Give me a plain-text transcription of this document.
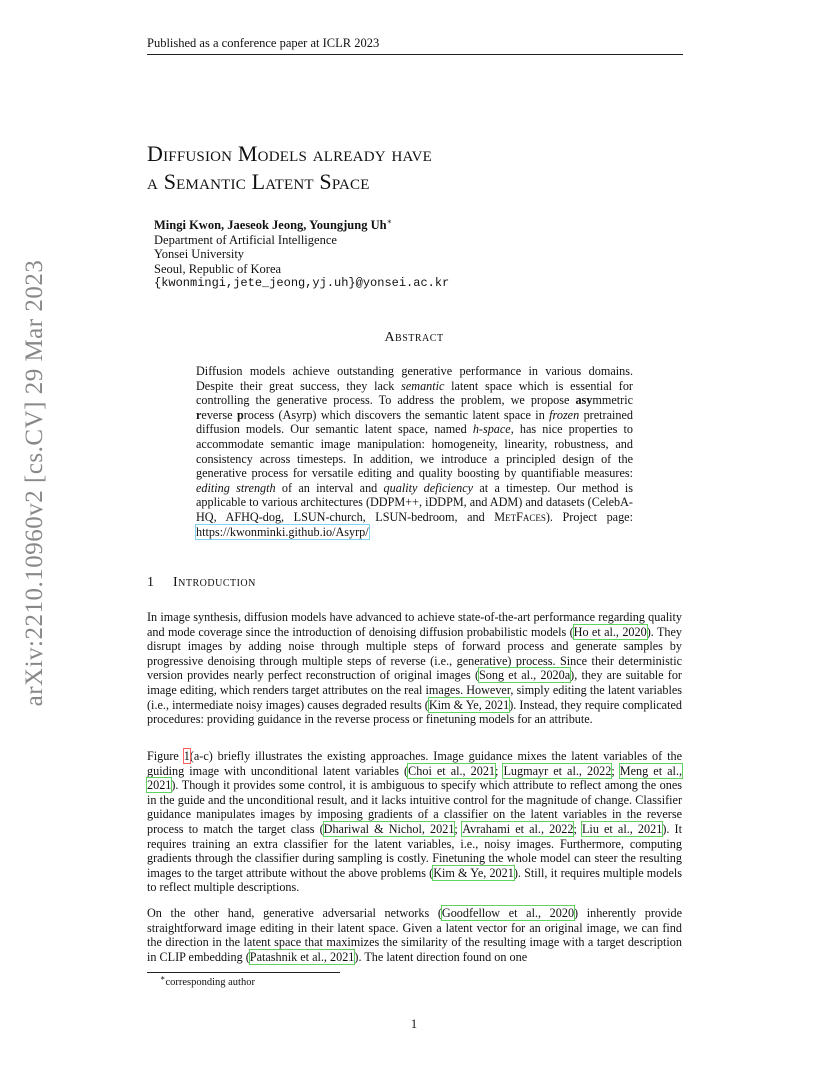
Published as a conference paper at ICLR 2023
arXiv:2210.10960v2 [cs.CV] 29 Mar 2023
Diffusion Models already have
a Semantic Latent Space
Mingi Kwon, Jaeseok Jeong, Youngjung Uh∗
Department of Artificial Intelligence
Yonsei University
Seoul, Republic of Korea
{kwonmingi,jete_jeong,yj.uh}@yonsei.ac.kr
Abstract
Diffusion models achieve outstanding generative performance in various domains. Despite their great success, they lack semantic latent space which is essential for controlling the generative process. To address the problem, we propose asymmetric reverse process (Asyrp) which discovers the semantic latent space in frozen pretrained diffusion models. Our semantic latent space, named h-space, has nice properties to accommodate semantic image manipulation: homogeneity, linearity, robustness, and consistency across timesteps. In addition, we introduce a principled design of the generative process for versatile editing and quality boosting by quantifiable measures: editing strength of an interval and quality deficiency at a timestep. Our method is applicable to various architectures (DDPM++, iDDPM, and ADM) and datasets (CelebA-HQ, AFHQ-dog, LSUN-church, LSUN-bedroom, and MetFaces). Project page: https://kwonminki.github.io/Asyrp/
1 Introduction
In image synthesis, diffusion models have advanced to achieve state-of-the-art performance regarding quality and mode coverage since the introduction of denoising diffusion probabilistic models (Ho et al., 2020). They disrupt images by adding noise through multiple steps of forward process and generate samples by progressive denoising through multiple steps of reverse (i.e., generative) process. Since their deterministic version provides nearly perfect reconstruction of original images (Song et al., 2020a), they are suitable for image editing, which renders target attributes on the real images. However, simply editing the latent variables (i.e., intermediate noisy images) causes degraded results (Kim & Ye, 2021). Instead, they require complicated procedures: providing guidance in the reverse process or finetuning models for an attribute.
Figure 1(a-c) briefly illustrates the existing approaches. Image guidance mixes the latent variables of the guiding image with unconditional latent variables (Choi et al., 2021; Lugmayr et al., 2022; Meng et al., 2021). Though it provides some control, it is ambiguous to specify which attribute to reflect among the ones in the guide and the unconditional result, and it lacks intuitive control for the magnitude of change. Classifier guidance manipulates images by imposing gradients of a classifier on the latent variables in the reverse process to match the target class (Dhariwal & Nichol, 2021; Avrahami et al., 2022; Liu et al., 2021). It requires training an extra classifier for the latent variables, i.e., noisy images. Furthermore, computing gradients through the classifier during sampling is costly. Finetuning the whole model can steer the resulting images to the target attribute without the above problems (Kim & Ye, 2021). Still, it requires multiple models to reflect multiple descriptions.
On the other hand, generative adversarial networks (Goodfellow et al., 2020) inherently provide straightforward image editing in their latent space. Given a latent vector for an original image, we can find the direction in the latent space that maximizes the similarity of the resulting image with a target description in CLIP embedding (Patashnik et al., 2021). The latent direction found on one
∗corresponding author
1
